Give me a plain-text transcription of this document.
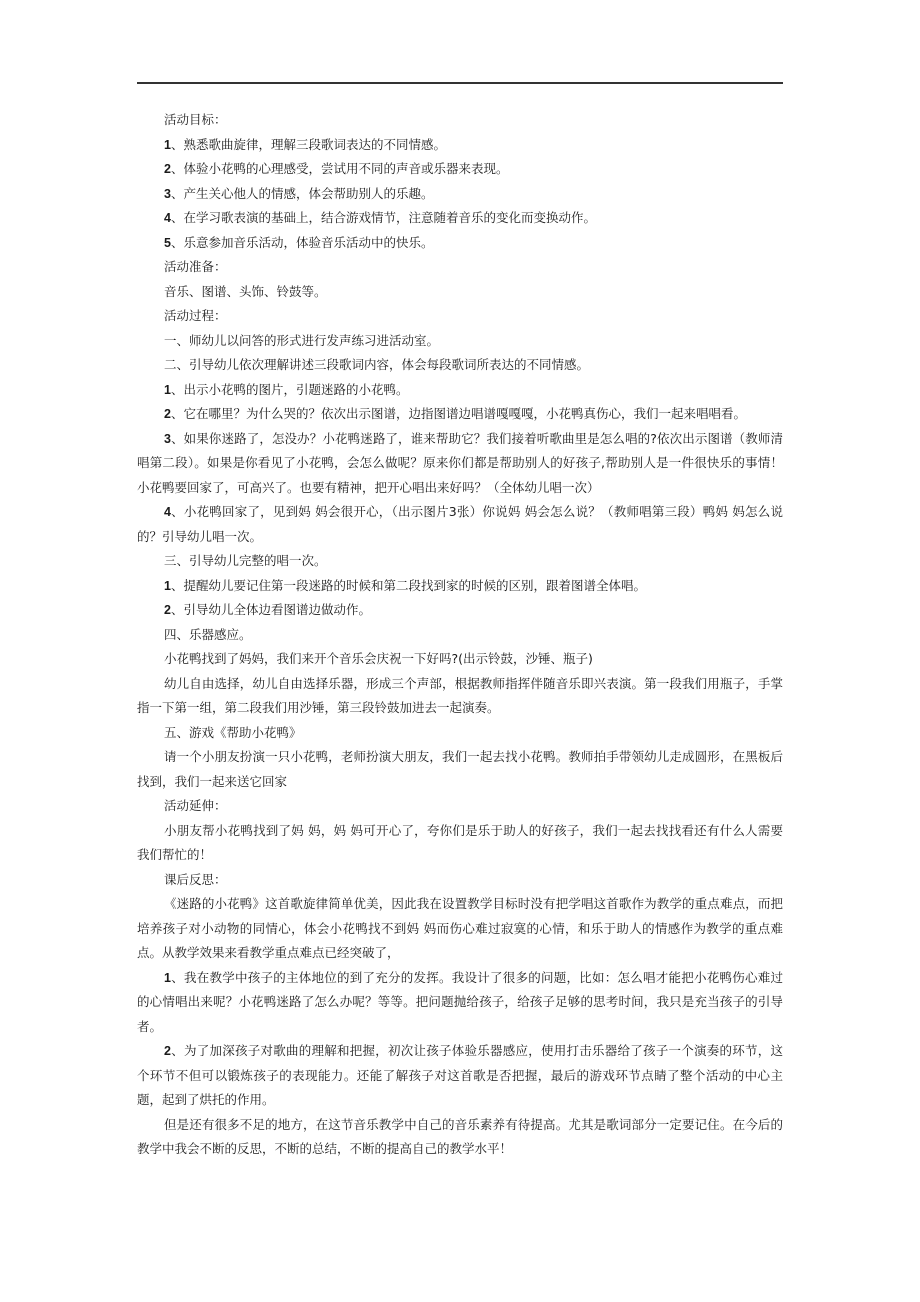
活动目标：

1、熟悉歌曲旋律，理解三段歌词表达的不同情感。

2、体验小花鸭的心理感受，尝试用不同的声音或乐器来表现。

3、产生关心他人的情感，体会帮助别人的乐趣。

4、在学习歌表演的基础上，结合游戏情节，注意随着音乐的变化而变换动作。

5、乐意参加音乐活动，体验音乐活动中的快乐。

活动准备：

音乐、图谱、头饰、铃鼓等。

活动过程：

一、师幼儿以问答的形式进行发声练习进活动室。

二、引导幼儿依次理解讲述三段歌词内容，体会每段歌词所表达的不同情感。

1、出示小花鸭的图片，引题迷路的小花鸭。

2、它在哪里？为什么哭的？依次出示图谱，边指图谱边唱谱嘎嘎嘎，小花鸭真伤心，我们一起来唱唱看。

3、如果你迷路了，怎没办？小花鸭迷路了，谁来帮助它？我们接着听歌曲里是怎么唱的?依次出示图谱（教师清唱第二段）。如果是你看见了小花鸭，会怎么做呢？原来你们都是帮助别人的好孩子,帮助别人是一件很快乐的事情！小花鸭要回家了，可高兴了。也要有精神，把开心唱出来好吗？（全体幼儿唱一次）

4、小花鸭回家了，见到妈 妈会很开心，（出示图片3张）你说妈 妈会怎么说？（教师唱第三段）鸭妈 妈怎么说的？引导幼儿唱一次。

三、引导幼儿完整的唱一次。

1、提醒幼儿要记住第一段迷路的时候和第二段找到家的时候的区别，跟着图谱全体唱。

2、引导幼儿全体边看图谱边做动作。

四、乐器感应。

小花鸭找到了妈妈，我们来开个音乐会庆祝一下好吗?(出示铃鼓，沙锤、瓶子)

幼儿自由选择，幼儿自由选择乐器，形成三个声部，根据教师指挥伴随音乐即兴表演。第一段我们用瓶子，手掌指一下第一组，第二段我们用沙锤，第三段铃鼓加进去一起演奏。

五、游戏《帮助小花鸭》

请一个小朋友扮演一只小花鸭，老师扮演大朋友，我们一起去找小花鸭。教师拍手带领幼儿走成圆形，在黑板后找到，我们一起来送它回家

活动延伸：

小朋友帮小花鸭找到了妈 妈，妈 妈可开心了，夸你们是乐于助人的好孩子，我们一起去找找看还有什么人需要我们帮忙的！

课后反思：

《迷路的小花鸭》这首歌旋律简单优美，因此我在设置教学目标时没有把学唱这首歌作为教学的重点难点，而把培养孩子对小动物的同情心，体会小花鸭找不到妈 妈而伤心难过寂寞的心情，和乐于助人的情感作为教学的重点难点。从教学效果来看教学重点难点已经突破了，

1、我在教学中孩子的主体地位的到了充分的发挥。我设计了很多的问题，比如：怎么唱才能把小花鸭伤心难过的心情唱出来呢？小花鸭迷路了怎么办呢？等等。把问题抛给孩子，给孩子足够的思考时间，我只是充当孩子的引导者。

2、为了加深孩子对歌曲的理解和把握，初次让孩子体验乐器感应，使用打击乐器给了孩子一个演奏的环节，这个环节不但可以锻炼孩子的表现能力。还能了解孩子对这首歌是否把握，最后的游戏环节点睛了整个活动的中心主题，起到了烘托的作用。

但是还有很多不足的地方，在这节音乐教学中自己的音乐素养有待提高。尤其是歌词部分一定要记住。在今后的教学中我会不断的反思，不断的总结，不断的提高自己的教学水平！
